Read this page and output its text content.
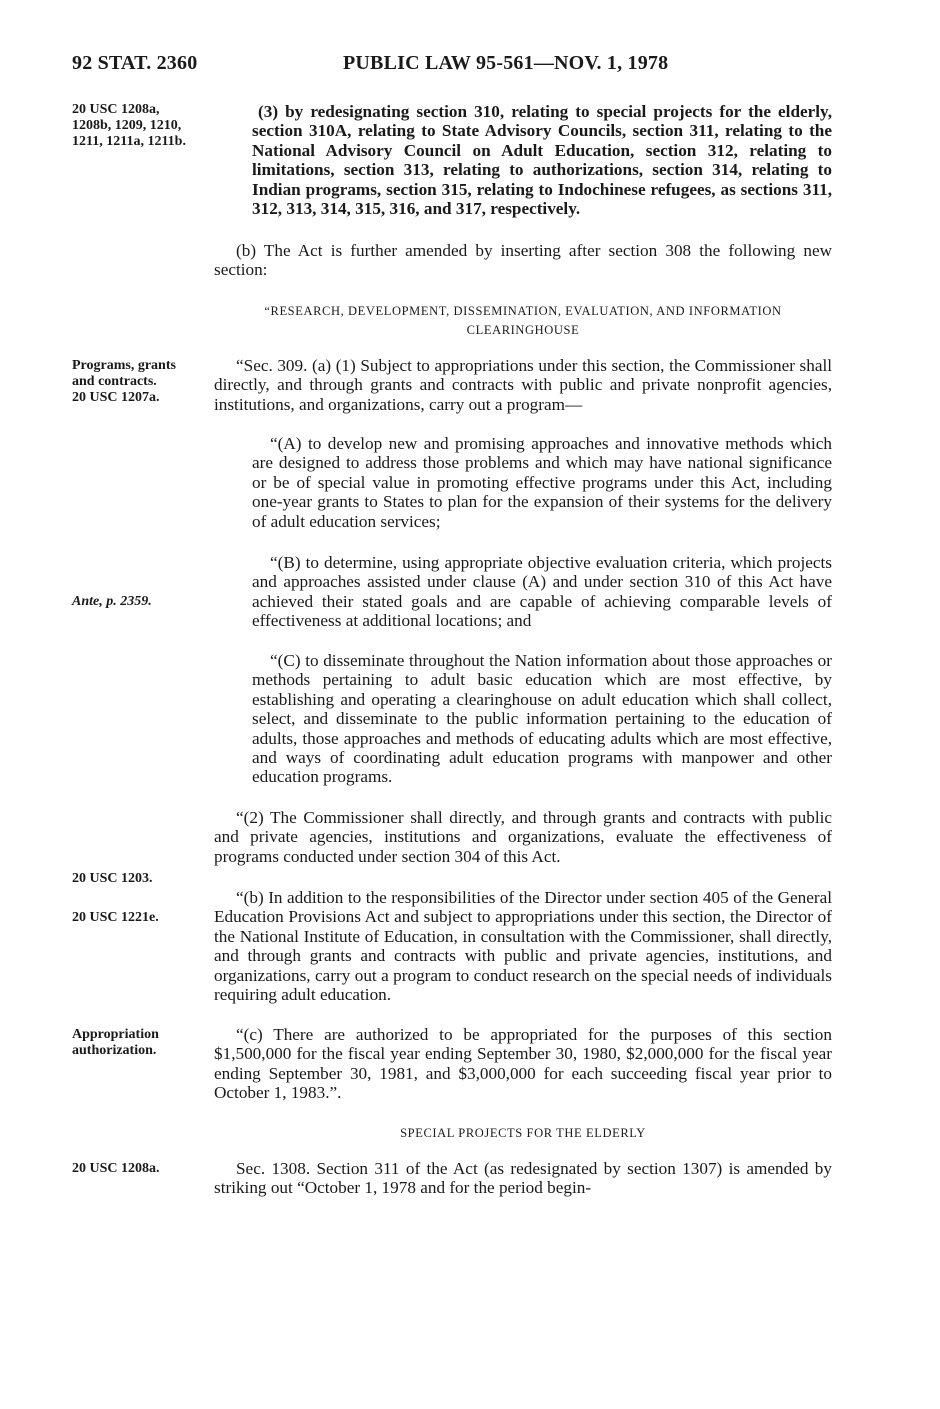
92 STAT. 2360	PUBLIC LAW 95-561—NOV. 1, 1978
20 USC 1208a, 1208b, 1209, 1210, 1211, 1211a, 1211b.
Programs, grants and contracts.
20 USC 1207a.
Ante, p. 2359.
20 USC 1203.
20 USC 1221e.
Appropriation authorization.
20 USC 1208a.

(3) by redesignating section 310, relating to special projects for the elderly, section 310A, relating to State Advisory Councils, section 311, relating to the National Advisory Council on Adult Education, section 312, relating to limitations, section 313, relating to authorizations, section 314, relating to Indian programs, section 315, relating to Indochinese refugees, as sections 311, 312, 313, 314, 315, 316, and 317, respectively.

(b) The Act is further amended by inserting after section 308 the following new section:

“RESEARCH, DEVELOPMENT, DISSEMINATION, EVALUATION, AND INFORMATION CLEARINGHOUSE

“Sec. 309. (a) (1) Subject to appropriations under this section, the Commissioner shall directly, and through grants and contracts with public and private nonprofit agencies, institutions, and organizations, carry out a program—

“(A) to develop new and promising approaches and innovative methods which are designed to address those problems and which may have national significance or be of special value in promoting effective programs under this Act, including one-year grants to States to plan for the expansion of their systems for the delivery of adult education services;

“(B) to determine, using appropriate objective evaluation criteria, which projects and approaches assisted under clause (A) and under section 310 of this Act have achieved their stated goals and are capable of achieving comparable levels of effectiveness at additional locations; and

“(C) to disseminate throughout the Nation information about those approaches or methods pertaining to adult basic education which are most effective, by establishing and operating a clearinghouse on adult education which shall collect, select, and disseminate to the public information pertaining to the education of adults, those approaches and methods of educating adults which are most effective, and ways of coordinating adult education programs with manpower and other education programs.

“(2) The Commissioner shall directly, and through grants and contracts with public and private agencies, institutions and organizations, evaluate the effectiveness of programs conducted under section 304 of this Act.

“(b) In addition to the responsibilities of the Director under section 405 of the General Education Provisions Act and subject to appropriations under this section, the Director of the National Institute of Education, in consultation with the Commissioner, shall directly, and through grants and contracts with public and private agencies, institutions, and organizations, carry out a program to conduct research on the special needs of individuals requiring adult education.

“(c) There are authorized to be appropriated for the purposes of this section $1,500,000 for the fiscal year ending September 30, 1980, $2,000,000 for the fiscal year ending September 30, 1981, and $3,000,000 for each succeeding fiscal year prior to October 1, 1983.”.

SPECIAL PROJECTS FOR THE ELDERLY

Sec. 1308. Section 311 of the Act (as redesignated by section 1307) is amended by striking out “October 1, 1978 and for the period begin-
